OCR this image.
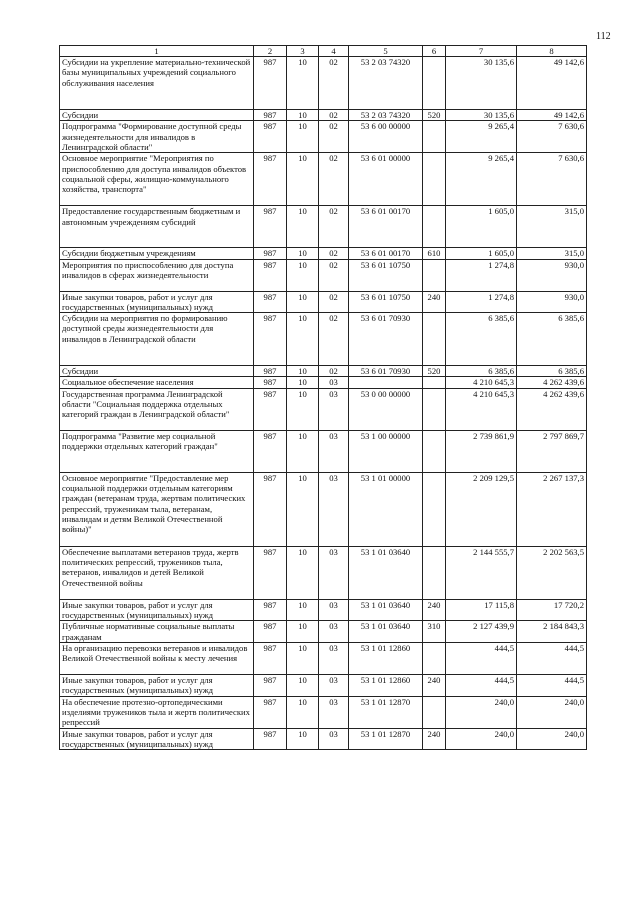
112
1	2	3	4	5	6	7	8
Субсидии на укрепление материально-технической базы муниципальных учреждений социального обслуживания населения	987	10	02	53 2 03 74320		30 135,6	49 142,6
Субсидии	987	10	02	53 2 03 74320	520	30 135,6	49 142,6
Подпрограмма "Формирование доступной среды жизнедеятельности для инвалидов в Ленинградской области"	987	10	02	53 6 00 00000		9 265,4	7 630,6
Основное мероприятие "Мероприятия по приспособлению для доступа инвалидов объектов социальной сферы, жилищно-коммунального хозяйства, транспорта"	987	10	02	53 6 01 00000		9 265,4	7 630,6
Предоставление государственным бюджетным и автономным учреждениям субсидий	987	10	02	53 6 01 00170		1 605,0	315,0
Субсидии бюджетным учреждениям	987	10	02	53 6 01 00170	610	1 605,0	315,0
Мероприятия по приспособлению для доступа инвалидов в сферах жизнедеятельности	987	10	02	53 6 01 10750		1 274,8	930,0
Иные закупки товаров, работ и услуг для государственных (муниципальных) нужд	987	10	02	53 6 01 10750	240	1 274,8	930,0
Субсидии на мероприятия по формированию доступной среды жизнедеятельности для инвалидов в Ленинградской области	987	10	02	53 6 01 70930		6 385,6	6 385,6
Субсидии	987	10	02	53 6 01 70930	520	6 385,6	6 385,6
Социальное обеспечение населения	987	10	03			4 210 645,3	4 262 439,6
Государственная программа Ленинградской области "Социальная поддержка отдельных категорий граждан в Ленинградской области"	987	10	03	53 0 00 00000		4 210 645,3	4 262 439,6
Подпрограмма "Развитие мер социальной поддержки отдельных категорий граждан"	987	10	03	53 1 00 00000		2 739 861,9	2 797 869,7
Основное мероприятие "Предоставление мер социальной поддержки отдельным категориям граждан (ветеранам труда, жертвам политических репрессий, труженикам тыла, ветеранам, инвалидам и детям Великой Отечественной войны)"	987	10	03	53 1 01 00000		2 209 129,5	2 267 137,3
Обеспечение выплатами ветеранов труда, жертв политических репрессий, тружеников тыла, ветеранов, инвалидов и детей Великой Отечественной войны	987	10	03	53 1 01 03640		2 144 555,7	2 202 563,5
Иные закупки товаров, работ и услуг для государственных (муниципальных) нужд	987	10	03	53 1 01 03640	240	17 115,8	17 720,2
Публичные нормативные социальные выплаты гражданам	987	10	03	53 1 01 03640	310	2 127 439,9	2 184 843,3
На организацию перевозки ветеранов и инвалидов Великой Отечественной войны к месту лечения	987	10	03	53 1 01 12860		444,5	444,5
Иные закупки товаров, работ и услуг для государственных (муниципальных) нужд	987	10	03	53 1 01 12860	240	444,5	444,5
На обеспечение протезно-ортопедическими изделиями тружеников тыла и жертв политических репрессий	987	10	03	53 1 01 12870		240,0	240,0
Иные закупки товаров, работ и услуг для государственных (муниципальных) нужд	987	10	03	53 1 01 12870	240	240,0	240,0
